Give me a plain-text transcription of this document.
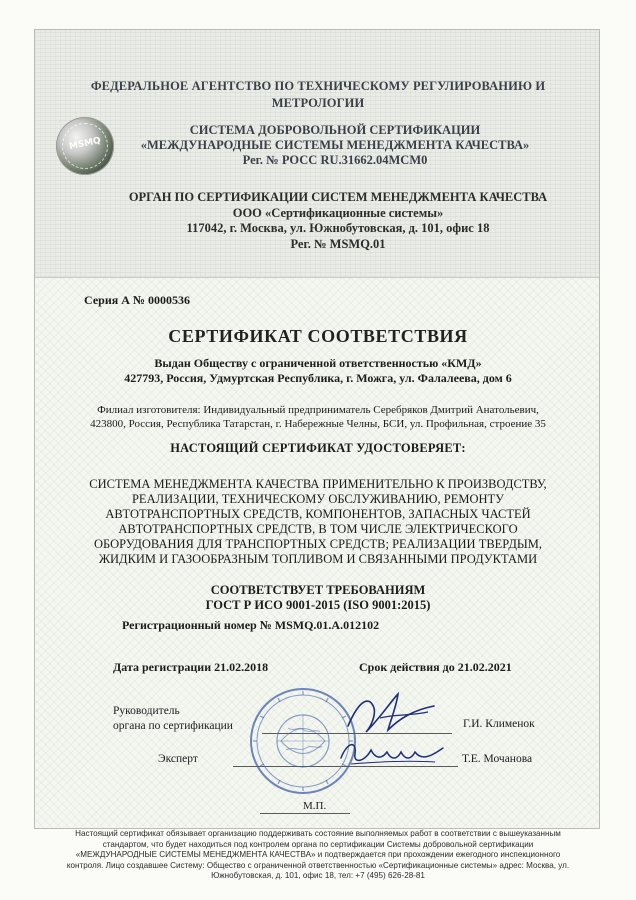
ФЕДЕРАЛЬНОЕ АГЕНТСТВО ПО ТЕХНИЧЕСКОМУ РЕГУЛИРОВАНИЮ И
МЕТРОЛОГИИ
MSMQ
СИСТЕМА ДОБРОВОЛЬНОЙ СЕРТИФИКАЦИИ
«МЕЖДУНАРОДНЫЕ СИСТЕМЫ МЕНЕДЖМЕНТА КАЧЕСТВА»
Рег. № РОСС RU.31662.04МСМ0
ОРГАН ПО СЕРТИФИКАЦИИ СИСТЕМ МЕНЕДЖМЕНТА КАЧЕСТВА
ООО «Сертификационные системы»
117042, г. Москва, ул. Южнобутовская, д. 101, офис 18
Рег. № MSMQ.01
Серия А № 0000536
СЕРТИФИКАТ СООТВЕТСТВИЯ
Выдан Обществу с ограниченной ответственностью «КМД»
427793, Россия, Удмуртская Республика, г. Можга, ул. Фалалеева, дом 6
Филиал изготовителя: Индивидуальный предприниматель Серебряков Дмитрий Анатольевич,
423800, Россия, Республика Татарстан, г. Набережные Челны, БСИ, ул. Профильная, строение 35
НАСТОЯЩИЙ СЕРТИФИКАТ УДОСТОВЕРЯЕТ:
СИСТЕМА МЕНЕДЖМЕНТА КАЧЕСТВА ПРИМЕНИТЕЛЬНО К ПРОИЗВОДСТВУ,
РЕАЛИЗАЦИИ, ТЕХНИЧЕСКОМУ ОБСЛУЖИВАНИЮ, РЕМОНТУ
АВТОТРАНСПОРТНЫХ СРЕДСТВ, КОМПОНЕНТОВ, ЗАПАСНЫХ ЧАСТЕЙ
АВТОТРАНСПОРТНЫХ СРЕДСТВ, В ТОМ ЧИСЛЕ ЭЛЕКТРИЧЕСКОГО
ОБОРУДОВАНИЯ ДЛЯ ТРАНСПОРТНЫХ СРЕДСТВ; РЕАЛИЗАЦИИ ТВЕРДЫМ,
ЖИДКИМ И ГАЗООБРАЗНЫМ ТОПЛИВОМ И СВЯЗАННЫМИ ПРОДУКТАМИ
СООТВЕТСТВУЕТ ТРЕБОВАНИЯМ
ГОСТ Р ИСО 9001-2015 (ISO 9001:2015)
Регистрационный номер № MSMQ.01.A.012102
Дата регистрации 21.02.2018	Срок действия до 21.02.2021
Руководитель
органа по сертификации	Г.И. Клименок
Эксперт	Т.Е. Мочанова
М.П.
Настоящий сертификат обязывает организацию поддерживать состояние выполняемых работ в соответствии с вышеуказанным
стандартом, что будет находиться под контролем органа по сертификации Системы добровольной сертификации
«МЕЖДУНАРОДНЫЕ СИСТЕМЫ МЕНЕДЖМЕНТА КАЧЕСТВА» и подтверждается при прохождении ежегодного инспекционного
контроля. Лицо создавшее Систему: Общество с ограниченной ответственностью «Сертификационные системы» адрес: Москва, ул.
Южнобутовская, д. 101, офис 18, тел: +7 (495) 626-28-81
